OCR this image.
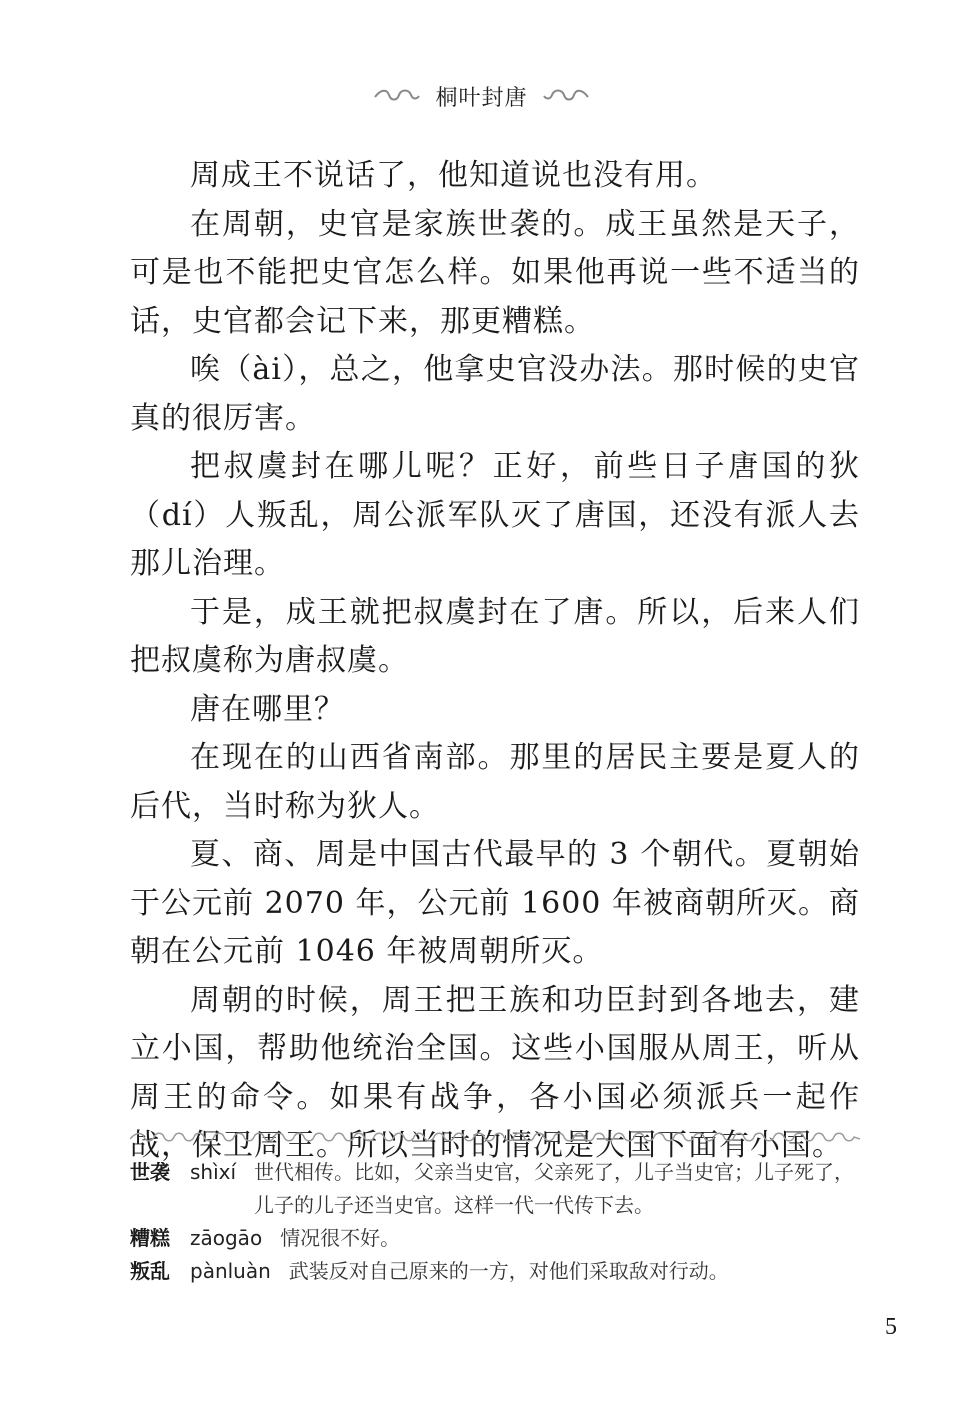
桐叶封唐

周成王不说话了，他知道说也没有用。

在周朝，史官是家族世袭的。成王虽然是天子，可是也不能把史官怎么样。如果他再说一些不适当的话，史官都会记下来，那更糟糕。

唉（ài），总之，他拿史官没办法。那时候的史官真的很厉害。

把叔虞封在哪儿呢？正好，前些日子唐国的狄（dí）人叛乱，周公派军队灭了唐国，还没有派人去那儿治理。

于是，成王就把叔虞封在了唐。所以，后来人们把叔虞称为唐叔虞。

唐在哪里？

在现在的山西省南部。那里的居民主要是夏人的后代，当时称为狄人。

夏、商、周是中国古代最早的 3 个朝代。夏朝始于公元前 2070 年，公元前 1600 年被商朝所灭。商朝在公元前 1046 年被周朝所灭。

周朝的时候，周王把王族和功臣封到各地去，建立小国，帮助他统治全国。这些小国服从周王，听从周王的命令。如果有战争，各小国必须派兵一起作战，保卫周王。所以当时的情况是大国下面有小国。

世袭	shìxí 世代相传。比如，父亲当史官，父亲死了，儿子当史官；儿子死了，儿子的儿子还当史官。这样一代一代传下去。
糟糕	zāogāo 情况很不好。
叛乱	pànluàn 武装反对自己原来的一方，对他们采取敌对行动。
5
